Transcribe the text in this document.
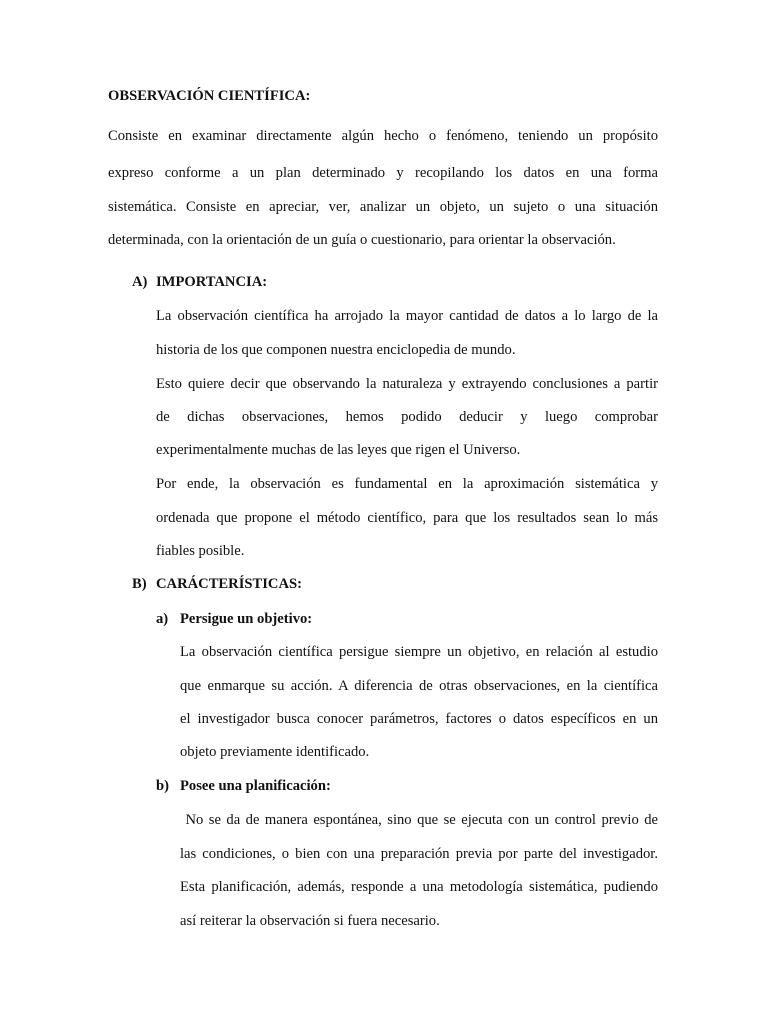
OBSERVACIÓN CIENTÍFICA:
Consiste en examinar directamente algún hecho o fenómeno, teniendo un propósito
expreso conforme a un plan determinado y recopilando los datos en una forma
sistemática. Consiste en apreciar, ver, analizar un objeto, un sujeto o una situación
determinada, con la orientación de un guía o cuestionario, para orientar la observación.
A) IMPORTANCIA:
La observación científica ha arrojado la mayor cantidad de datos a lo largo de la
historia de los que componen nuestra enciclopedia de mundo.
Esto quiere decir que observando la naturaleza y extrayendo conclusiones a partir
de dichas observaciones, hemos podido deducir y luego comprobar
experimentalmente muchas de las leyes que rigen el Universo.
Por ende, la observación es fundamental en la aproximación sistemática y
ordenada que propone el método científico, para que los resultados sean lo más
fiables posible.
B) CARÁCTERÍSTICAS:
a) Persigue un objetivo:
La observación científica persigue siempre un objetivo, en relación al estudio
que enmarque su acción. A diferencia de otras observaciones, en la científica
el investigador busca conocer parámetros, factores o datos específicos en un
objeto previamente identificado.
b) Posee una planificación:
No se da de manera espontánea, sino que se ejecuta con un control previo de
las condiciones, o bien con una preparación previa por parte del investigador.
Esta planificación, además, responde a una metodología sistemática, pudiendo
así reiterar la observación si fuera necesario.
